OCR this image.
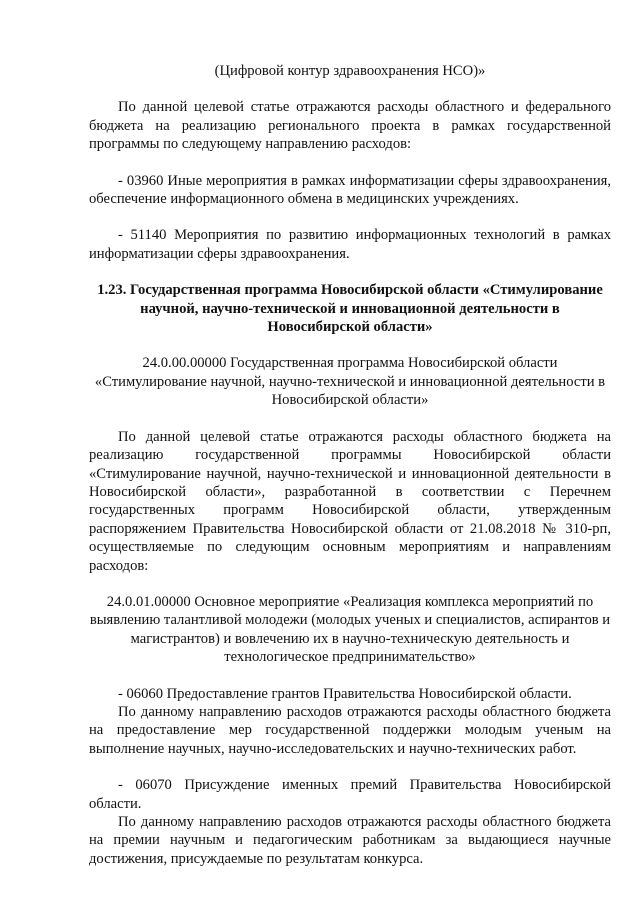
(Цифровой контур здравоохранения НСО)»

По данной целевой статье отражаются расходы областного и федерального бюджета на реализацию регионального проекта в рамках государственной программы по следующему направлению расходов:

- 03960 Иные мероприятия в рамках информатизации сферы здравоохранения, обеспечение информационного обмена в медицинских учреждениях.

- 51140 Мероприятия по развитию информационных технологий в рамках информатизации сферы здравоохранения.

1.23. Государственная программа Новосибирской области «Стимулирование научной, научно-технической и инновационной деятельности в Новосибирской области»

24.0.00.00000 Государственная программа Новосибирской области «Стимулирование научной, научно-технической и инновационной деятельности в Новосибирской области»

По данной целевой статье отражаются расходы областного бюджета на реализацию государственной программы Новосибирской области «Стимулирование научной, научно-технической и инновационной деятельности в Новосибирской области», разработанной в соответствии с Перечнем государственных программ Новосибирской области, утвержденным распоряжением Правительства Новосибирской области от 21.08.2018 № 310-рп, осуществляемые по следующим основным мероприятиям и направлениям расходов:

24.0.01.00000 Основное мероприятие «Реализация комплекса мероприятий по выявлению талантливой молодежи (молодых ученых и специалистов, аспирантов и магистрантов) и вовлечению их в научно-техническую деятельность и технологическое предпринимательство»

- 06060 Предоставление грантов Правительства Новосибирской области.

По данному направлению расходов отражаются расходы областного бюджета на предоставление мер государственной поддержки молодым ученым на выполнение научных, научно-исследовательских и научно-технических работ.

- 06070 Присуждение именных премий Правительства Новосибирской области.

По данному направлению расходов отражаются расходы областного бюджета на премии научным и педагогическим работникам за выдающиеся научные достижения, присуждаемые по результатам конкурса.
